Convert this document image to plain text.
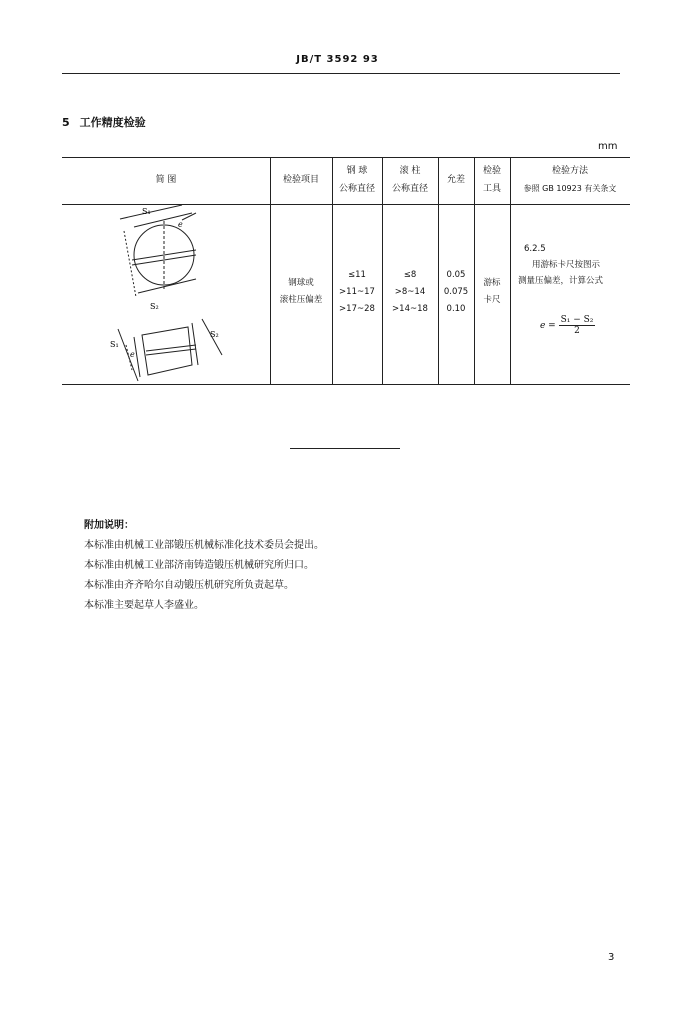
JB/T 3592 93
5 工作精度检验
mm
简 图	检验项目
钢 球
公称直径
滚 柱
公称直径
允差
检验
工具
检验方法
参照 GB 10923 有关条文
S₁
e
S₂
S₁
S₂
e
钢球或
滚柱压偏差
≤11
>11~17
>17~28
≤8
>8~14
>14~18
0.05
0.075
0.10
游标
卡尺
6.2.5
用游标卡尺按图示
测量压偏差，计算公式
$e = \frac{\text{S₁ − S₂}}{2}$
附加说明：
本标准由机械工业部锻压机械标准化技术委员会提出。
本标准由机械工业部济南铸造锻压机械研究所归口。
本标准由齐齐哈尔自动锻压机研究所负责起草。
本标准主要起草人李盛业。
3
